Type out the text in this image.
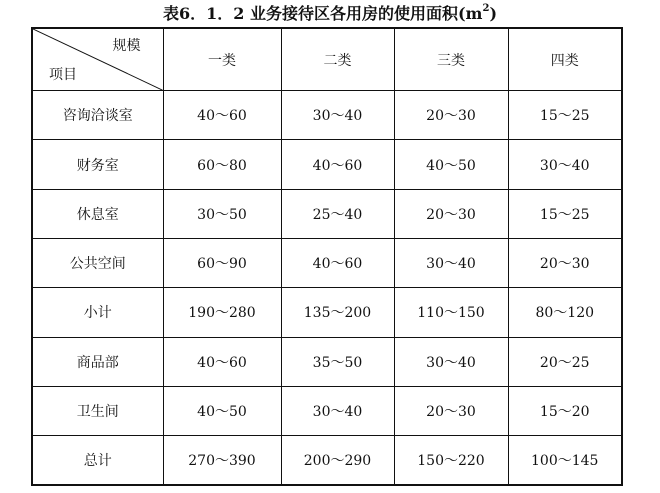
表6．1．2 业务接待区各用房的使用面积$(m^2)$
规模
项目	一类	二类	三类	四类
咨询洽谈室	40～60	30～40	20～30	15～25
财务室	60～80	40～60	40～50	30～40
休息室	30～50	25～40	20～30	15～25
公共空间	60～90	40～60	30～40	20～30
小计	190～280	135～200	110～150	80～120
商品部	40～60	35～50	30～40	20～25
卫生间	40～50	30～40	20～30	15～20
总计	270～390	200～290	150～220	100～145
